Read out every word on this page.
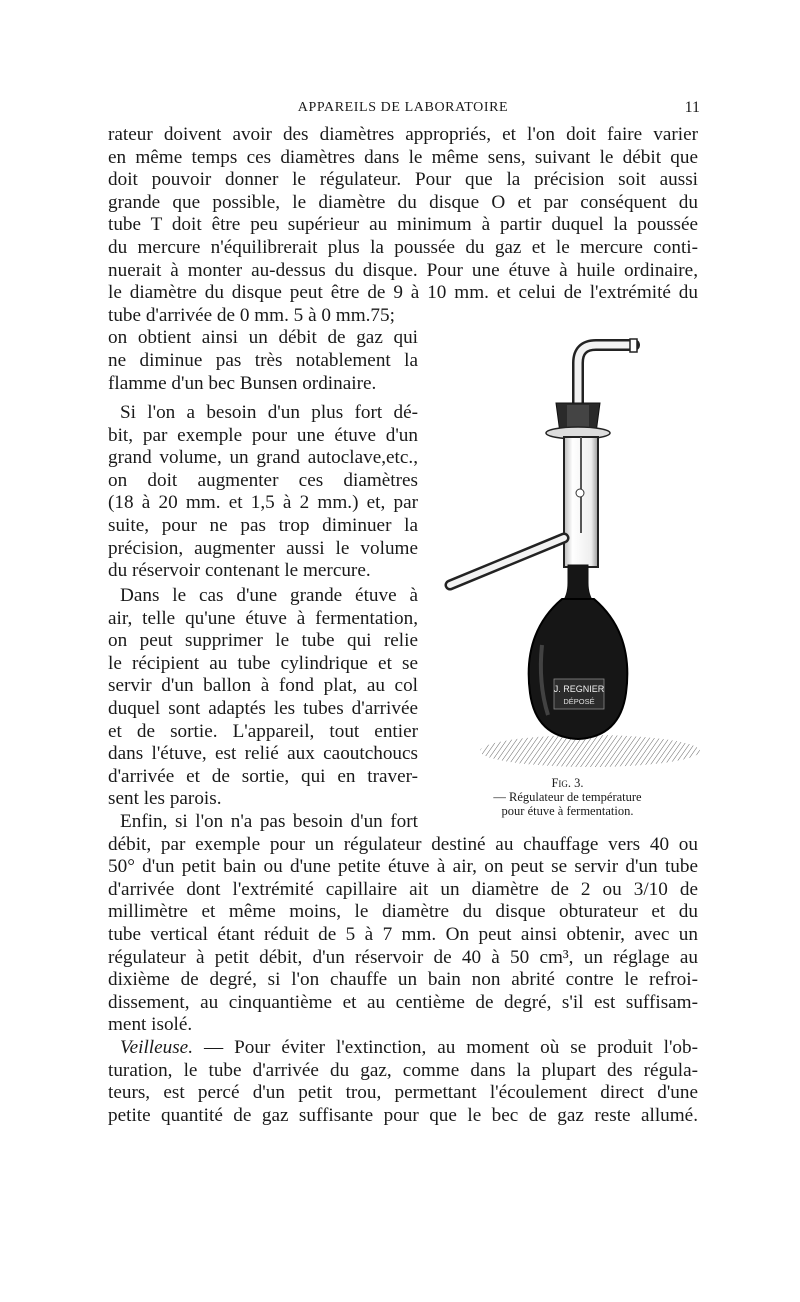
APPAREILS DE LABORATOIRE	11
rateur doivent avoir des diamètres appropriés, et l'on doit faire varier
en même temps ces diamètres dans le même sens, suivant le débit que
doit pouvoir donner le régulateur. Pour que la précision soit aussi
grande que possible, le diamètre du disque O et par conséquent du
tube T doit être peu supérieur au minimum à partir duquel la poussée
du mercure n'équilibrerait plus la poussée du gaz et le mercure conti-
nuerait à monter au-dessus du disque. Pour une étuve à huile ordinaire,
le diamètre du disque peut être de 9 à 10 mm. et celui de l'extrémité du
tube d'arrivée de 0 mm. 5 à 0 mm.75;
on obtient ainsi un débit de gaz qui
ne diminue pas très notablement la
flamme d'un bec Bunsen ordinaire.
Si l'on a besoin d'un plus fort dé-
bit, par exemple pour une étuve d'un
grand volume, un grand autoclave,etc.,
on doit augmenter ces diamètres
(18 à 20 mm. et 1,5 à 2 mm.) et, par
suite, pour ne pas trop diminuer la
précision, augmenter aussi le volume
du réservoir contenant le mercure.
Dans le cas d'une grande étuve à
air, telle qu'une étuve à fermentation,
on peut supprimer le tube qui relie
le récipient au tube cylindrique et se
servir d'un ballon à fond plat, au col
duquel sont adaptés les tubes d'arrivée
et de sortie. L'appareil, tout entier
dans l'étuve, est relié aux caoutchoucs
d'arrivée et de sortie, qui en traver-
sent les parois.
Enfin, si l'on n'a pas besoin d'un fort
débit, par exemple pour un régulateur destiné au chauffage vers 40 ou
50° d'un petit bain ou d'une petite étuve à air, on peut se servir d'un tube
d'arrivée dont l'extrémité capillaire ait un diamètre de 2 ou 3/10 de
millimètre et même moins, le diamètre du disque obturateur et du
tube vertical étant réduit de 5 à 7 mm. On peut ainsi obtenir, avec un
régulateur à petit débit, d'un réservoir de 40 à 50 cm³, un réglage au
dixième de degré, si l'on chauffe un bain non abrité contre le refroi-
dissement, au cinquantième et au centième de degré, s'il est suffisam-
ment isolé.
Veilleuse. — Pour éviter l'extinction, au moment où se produit l'ob-
turation, le tube d'arrivée du gaz, comme dans la plupart des régula-
teurs, est percé d'un petit trou, permettant l'écoulement direct d'une
petite quantité de gaz suffisante pour que le bec de gaz reste allumé.
J. REGNIER
DÉPOSÉ
Fig. 3.
— Régulateur de température
pour étuve à fermentation.
